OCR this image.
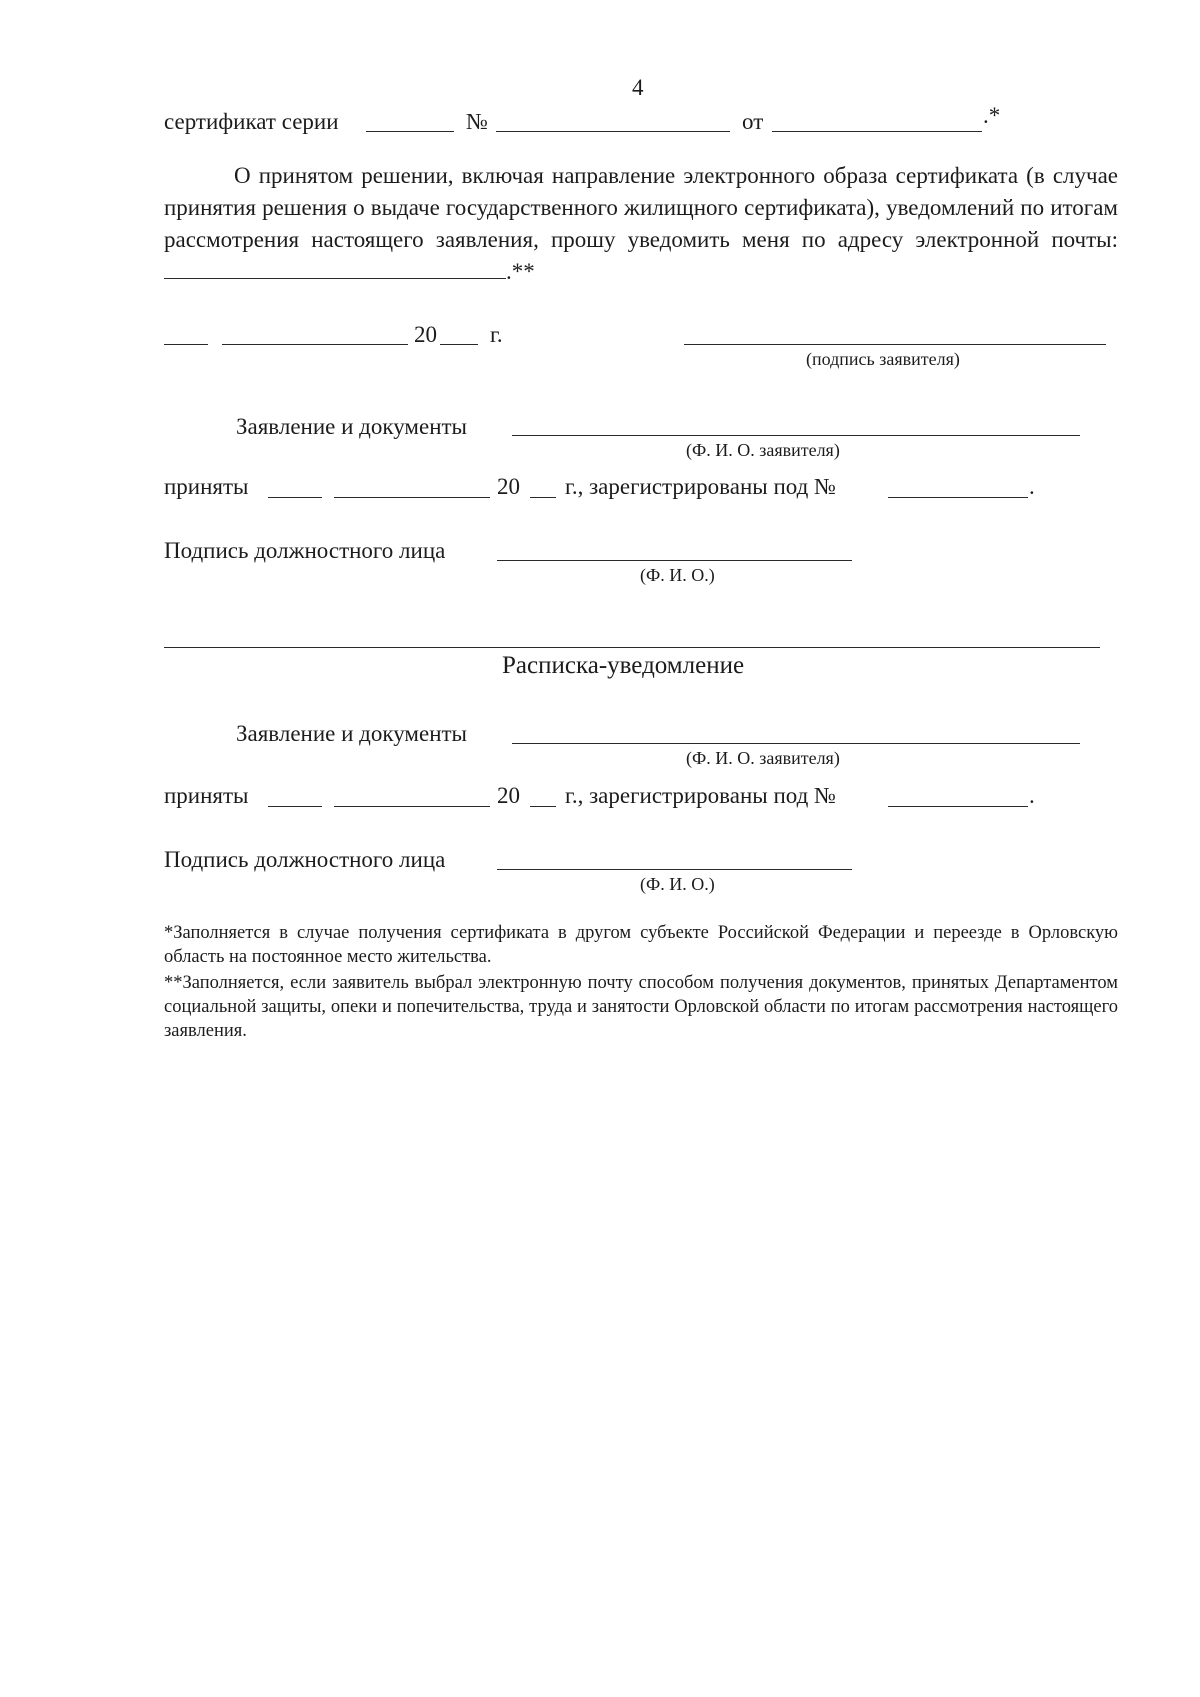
4
сертификат серии	№	от	.*
О принятом решении, включая направление электронного образа сертификата (в случае принятия решения о выдаче государственного жилищного сертификата), уведомлений по итогам рассмотрения настоящего заявления, прошу уведомить меня по адресу электронной почты: .**
20 г.
(подпись заявителя)
Заявление и документы
(Ф. И. О. заявителя)
приняты	20 г., зарегистрированы под №	.
Подпись должностного лица
(Ф. И. О.)
Расписка-уведомление
Заявление и документы
(Ф. И. О. заявителя)
приняты	20 г., зарегистрированы под №	.
Подпись должностного лица
(Ф. И. О.)
*Заполняется в случае получения сертификата в другом субъекте Российской Федерации и переезде в Орловскую область на постоянное место жительства.
**Заполняется, если заявитель выбрал электронную почту способом получения документов, принятых Департаментом социальной защиты, опеки и попечительства, труда и занятости Орловской области по итогам рассмотрения настоящего заявления.
